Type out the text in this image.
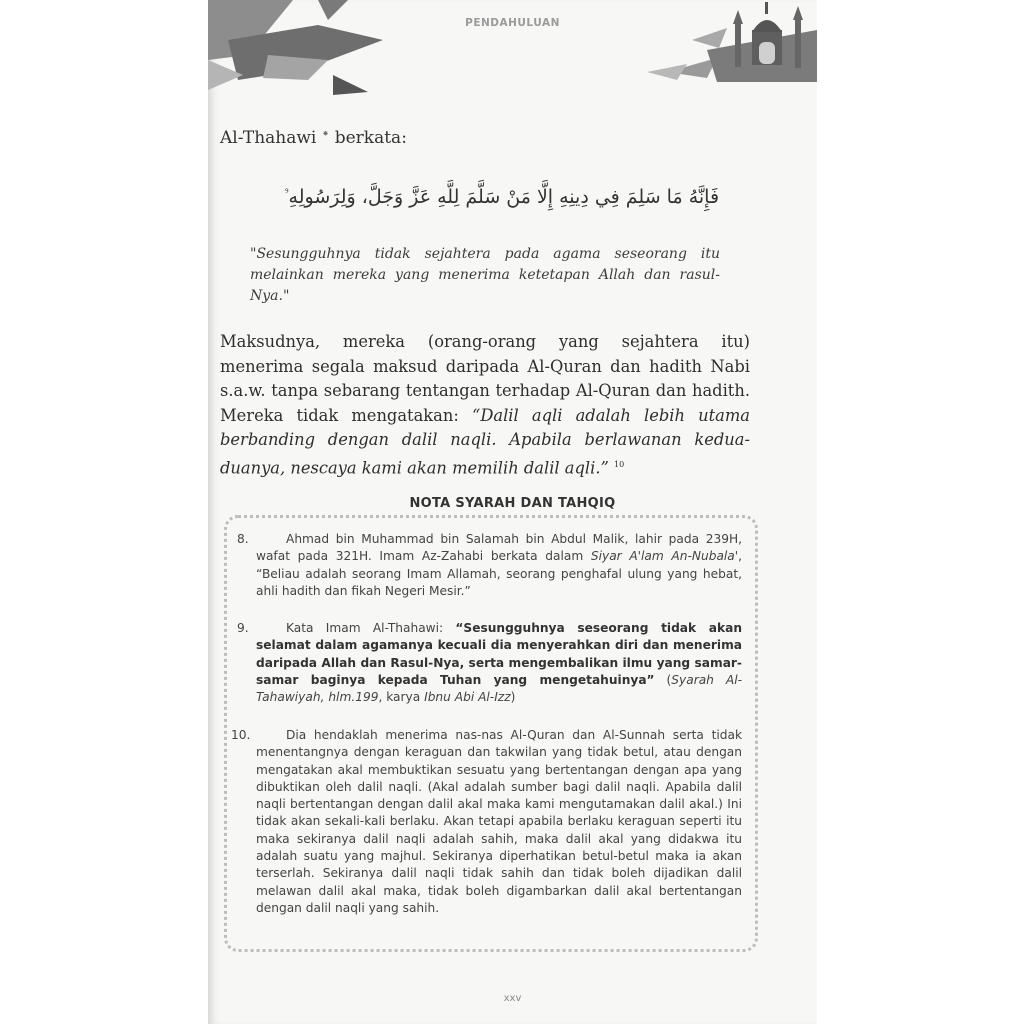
PENDAHULUAN
Al-Thahawi ⁕ berkata:
فَإِنَّهُ مَا سَلِمَ فِي دِينِهِ إِلَّا مَنْ سَلَّمَ لِلَّهِ عَزَّ وَجَلَّ، وَلِرَسُولِهِ$^{^9}$
"Sesungguhnya tidak sejahtera pada agama seseorang itu melainkan mereka yang menerima ketetapan Allah dan rasul-Nya."
Maksudnya, mereka (orang-orang yang sejahtera itu) menerima segala maksud daripada Al-Quran dan hadith Nabi s.a.w. tanpa sebarang tentangan terhadap Al-Quran dan hadith. Mereka tidak mengatakan: “Dalil aqli adalah lebih utama berbanding dengan dalil naqli. Apabila berlawanan kedua-duanya, nescaya kami akan memilih dalil aqli.” $^{10}$
NOTA SYARAH DAN TAHQIQ
8.	Ahmad bin Muhammad bin Salamah bin Abdul Malik, lahir pada 239H, wafat pada 321H. Imam Az-Zahabi berkata dalam Siyar A'lam An-Nubala', “Beliau adalah seorang Imam Allamah, seorang penghafal ulung yang hebat, ahli hadith dan fikah Negeri Mesir.”
9.	Kata Imam Al-Thahawi: “Sesungguhnya seseorang tidak akan selamat dalam agamanya kecuali dia menyerahkan diri dan menerima daripada Allah dan Rasul-Nya, serta mengembalikan ilmu yang samar-samar baginya kepada Tuhan yang mengetahuinya” (Syarah Al-Tahawiyah, hlm.199, karya Ibnu Abi Al-Izz)
10.	Dia hendaklah menerima nas-nas Al-Quran dan Al-Sunnah serta tidak menentangnya dengan keraguan dan takwilan yang tidak betul, atau dengan mengatakan akal membuktikan sesuatu yang bertentangan dengan apa yang dibuktikan oleh dalil naqli. (Akal adalah sumber bagi dalil naqli. Apabila dalil naqli bertentangan dengan dalil akal maka kami mengutamakan dalil akal.) Ini tidak akan sekali-kali berlaku. Akan tetapi apabila berlaku keraguan seperti itu maka sekiranya dalil naqli adalah sahih, maka dalil akal yang didakwa itu adalah suatu yang majhul. Sekiranya diperhatikan betul-betul maka ia akan terserlah. Sekiranya dalil naqli tidak sahih dan tidak boleh dijadikan dalil melawan dalil akal maka, tidak boleh digambarkan dalil akal bertentangan dengan dalil naqli yang sahih.
xxv
